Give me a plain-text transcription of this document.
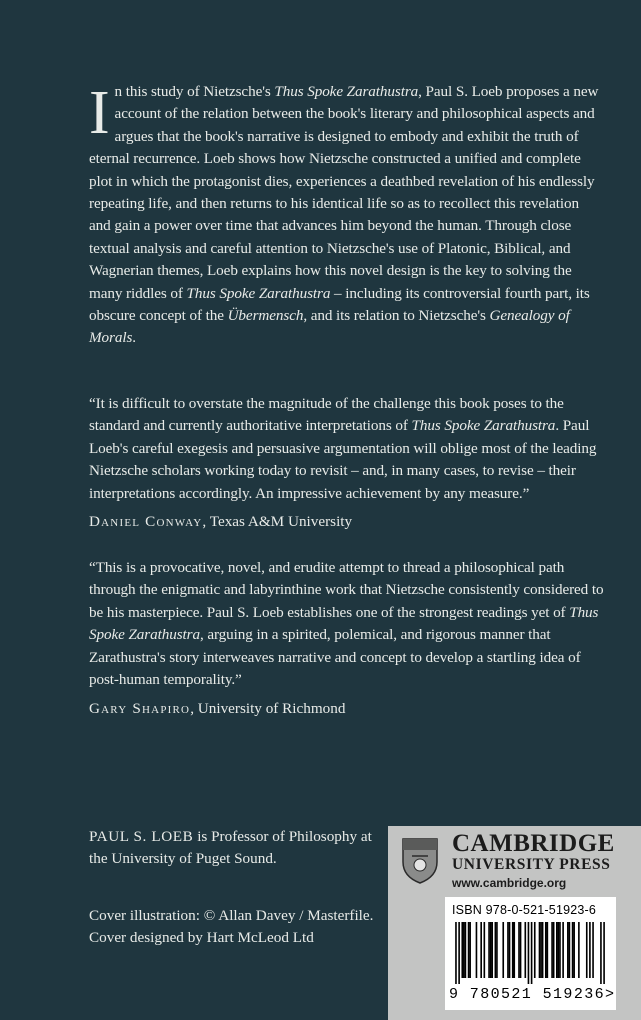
In this study of Nietzsche's Thus Spoke Zarathustra, Paul S. Loeb proposes a new account of the relation between the book's literary and philosophical aspects and argues that the book's narrative is designed to embody and exhibit the truth of eternal recurrence. Loeb shows how Nietzsche constructed a unified and complete plot in which the protagonist dies, experiences a deathbed revelation of his endlessly repeating life, and then returns to his identical life so as to recollect this revelation and gain a power over time that advances him beyond the human. Through close textual analysis and careful attention to Nietzsche's use of Platonic, Biblical, and Wagnerian themes, Loeb explains how this novel design is the key to solving the many riddles of Thus Spoke Zarathustra – including its controversial fourth part, its obscure concept of the Übermensch, and its relation to Nietzsche's Genealogy of Morals.
“It is difficult to overstate the magnitude of the challenge this book poses to the standard and currently authoritative interpretations of Thus Spoke Zarathustra. Paul Loeb's careful exegesis and persuasive argumentation will oblige most of the leading Nietzsche scholars working today to revisit – and, in many cases, to revise – their interpretations accordingly. An impressive achievement by any measure.”
Daniel Conway, Texas A&M University
“This is a provocative, novel, and erudite attempt to thread a philosophical path through the enigmatic and labyrinthine work that Nietzsche consistently considered to be his masterpiece. Paul S. Loeb establishes one of the strongest readings yet of Thus Spoke Zarathustra, arguing in a spirited, polemical, and rigorous manner that Zarathustra's story interweaves narrative and concept to develop a startling idea of post-human temporality.”
Gary Shapiro, University of Richmond
PAUL S. LOEB is Professor of Philosophy at the University of Puget Sound.
Cover illustration: © Allan Davey / Masterfile.
Cover designed by Hart McLeod Ltd
CAMBRIDGE
UNIVERSITY PRESS
www.cambridge.org
ISBN 978-0-521-51923-6
9 780521 519236>
